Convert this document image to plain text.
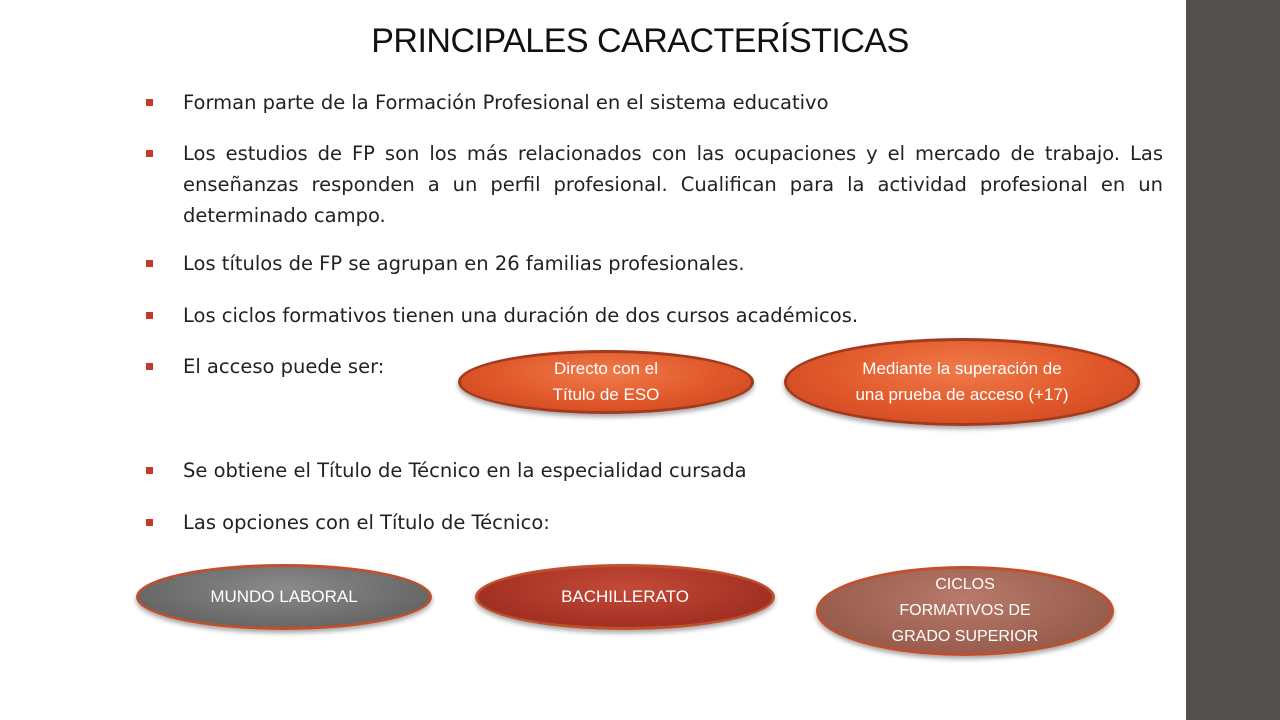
PRINCIPALES CARACTERÍSTICAS
Forman parte de la Formación Profesional en el sistema educativo
Los estudios de FP son los más relacionados con las ocupaciones y el mercado de trabajo. Las enseñanzas responden a un perfil profesional. Cualifican para la actividad profesional en un determinado campo.
Los títulos de FP se agrupan en 26 familias profesionales.
Los ciclos formativos tienen una duración de dos cursos académicos.
El acceso puede ser:
Se obtiene el Título de Técnico en la especialidad cursada
Las opciones con el Título de Técnico:
Directo con el Título de ESO
Mediante la superación de una prueba de acceso (+17)
MUNDO LABORAL	BACHILLERATO
CICLOS FORMATIVOS DE GRADO SUPERIOR
